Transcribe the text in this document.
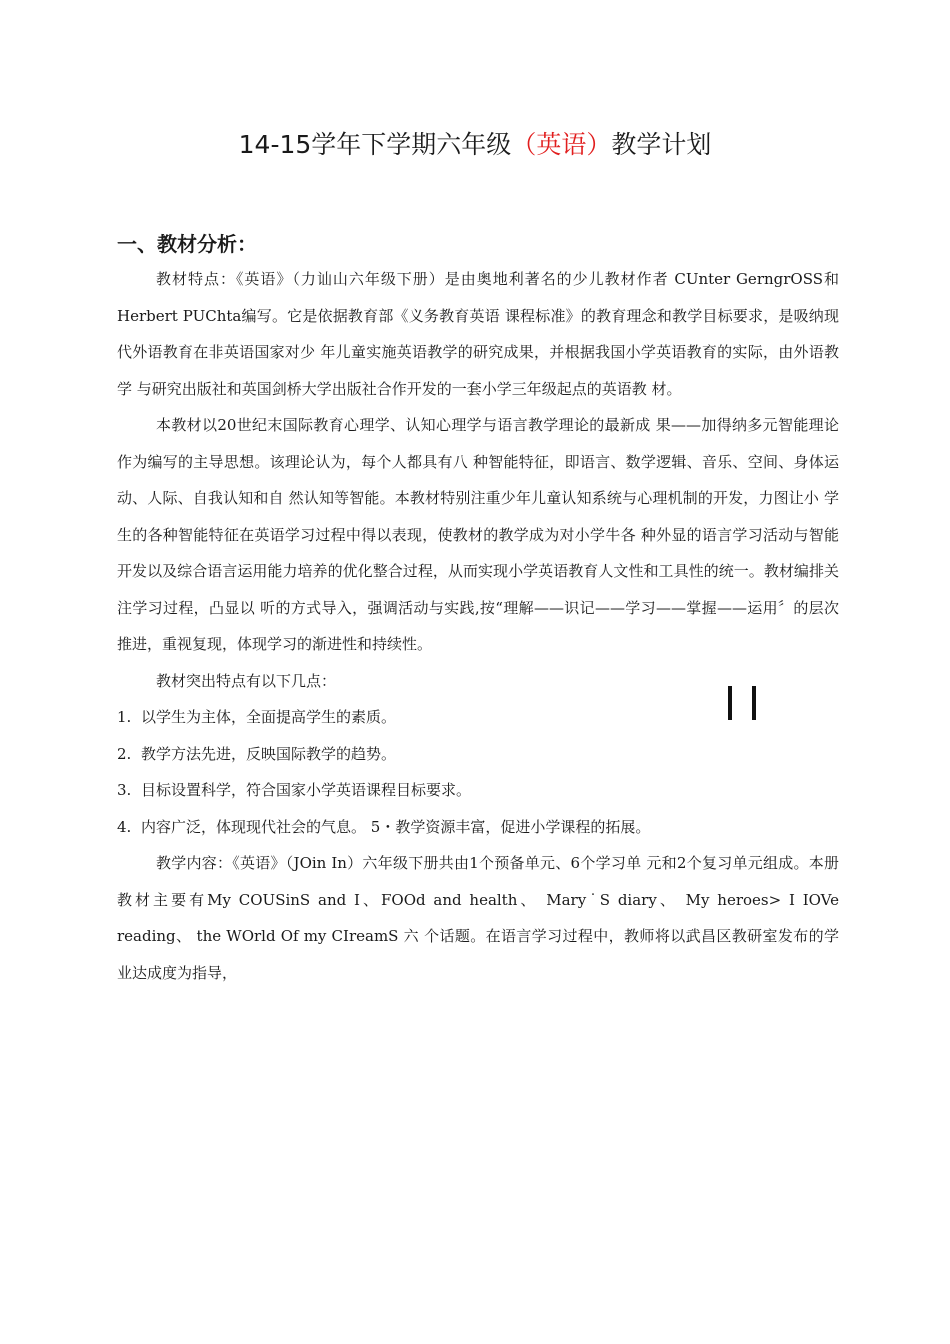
14-15学年下学期六年级（英语）教学计划
一、教材分析：

教材特点：《英语》（力讪山六年级下册）是由奥地利著名的少儿教材作者 CUnter GerngrOSS和Herbert PUChta编写。它是依据教育部《义务教育英语 课程标准》的教育理念和教学目标要求，是吸纳现代外语教育在非英语国家对少 年儿童实施英语教学的研究成果，并根据我国小学英语教育的实际，由外语教学 与研究出版社和英国剑桥大学出版社合作开发的一套小学三年级起点的英语教 材。

本教材以20世纪末国际教育心理学、认知心理学与语言教学理论的最新成 果——加得纳多元智能理论作为编写的主导思想。该理论认为，每个人都具有八 种智能特征，即语言、数学逻辑、音乐、空间、身体运动、人际、自我认知和自 然认知等智能。本教材特别注重少年儿童认知系统与心理机制的开发，力图让小 学生的各种智能特征在英语学习过程中得以表现，使教材的教学成为对小学牛各 种外显的语言学习活动与智能开发以及综合语言运用能力培养的优化整合过程，从而实现小学英语教育人文性和工具性的统一。教材编排关注学习过程，凸显以 听的方式导入，强调活动与实践,按“理解——识记——学习——掌握——运用〞的层次推进，重视复现，体现学习的渐进性和持续性。

教材突出特点有以下几点：

1. 以学生为主体，全面提高学生的素质。
2. 教学方法先进，反映国际教学的趋势。
3. 目标设置科学，符合国家小学英语课程目标要求。
4. 内容广泛，体现现代社会的气息。 5・教学资源丰富，促进小学课程的拓展。

教学内容：《英语》（JOin In）六年级下册共由1个预备单元、6个学习单 元和2个复习单元组成。本册教材主要有My COUSinS and I、FOOd and health、 Mary˙S diary、 My heroes> I IOVe reading、 the WOrld Of my CIreamS 六 个话题。在语言学习过程中，教师将以武昌区教研室发布的学业达成度为指导，
